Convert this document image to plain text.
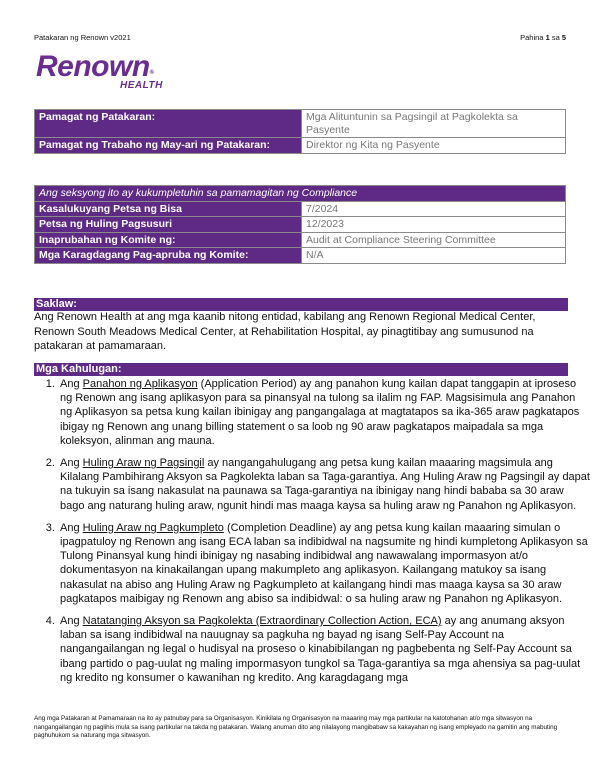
Patakaran ng Renown v2021	Pahina 1 sa 5
Renown®
HEALTH
Pamagat ng Patakaran:	Mga Alituntunin sa Pagsingil at Pagkolekta sa Pasyente
Pamagat ng Trabaho ng May-ari ng Patakaran:	Direktor ng Kita ng Pasyente
Ang seksyong ito ay kukumpletuhin sa pamamagitan ng Compliance	
Kasalukuyang Petsa ng Bisa	7/2024
Petsa ng Huling Pagsusuri	12/2023
Inaprubahan ng Komite ng:	Audit at Compliance Steering Committee
Mga Karagdagang Pag-apruba ng Komite:	N/A
Saklaw:
Ang Renown Health at ang mga kaanib nitong entidad, kabilang ang Renown Regional Medical Center, Renown South Meadows Medical Center, at Rehabilitation Hospital, ay pinagtitibay ang sumusunod na patakaran at pamamaraan.
Mga Kahulugan:
1. Ang Panahon ng Aplikasyon (Application Period) ay ang panahon kung kailan dapat tanggapin at iproseso ng Renown ang isang aplikasyon para sa pinansyal na tulong sa ilalim ng FAP. Magsisimula ang Panahon ng Aplikasyon sa petsa kung kailan ibinigay ang pangangalaga at magtatapos sa ika-365 araw pagkatapos ibigay ng Renown ang unang billing statement o sa loob ng 90 araw pagkatapos maipadala sa mga koleksyon, alinman ang mauna.
2. Ang Huling Araw ng Pagsingil ay nangangahulugang ang petsa kung kailan maaaring magsimula ang Kilalang Pambihirang Aksyon sa Pagkolekta laban sa Taga-garantiya. Ang Huling Araw ng Pagsingil ay dapat na tukuyin sa isang nakasulat na paunawa sa Taga-garantiya na ibinigay nang hindi bababa sa 30 araw bago ang naturang huling araw, ngunit hindi mas maaga kaysa sa huling araw ng Panahon ng Aplikasyon.
3. Ang Huling Araw ng Pagkumpleto (Completion Deadline) ay ang petsa kung kailan maaaring simulan o ipagpatuloy ng Renown ang isang ECA laban sa indibidwal na nagsumite ng hindi kumpletong Aplikasyon sa Tulong Pinansyal kung hindi ibinigay ng nasabing indibidwal ang nawawalang impormasyon at/o dokumentasyon na kinakailangan upang makumpleto ang aplikasyon. Kailangang matukoy sa isang nakasulat na abiso ang Huling Araw ng Pagkumpleto at kailangang hindi mas maaga kaysa sa 30 araw pagkatapos maibigay ng Renown ang abiso sa indibidwal: o sa huling araw ng Panahon ng Aplikasyon.
4. Ang Natatanging Aksyon sa Pagkolekta (Extraordinary Collection Action, ECA) ay ang anumang aksyon laban sa isang indibidwal na nauugnay sa pagkuha ng bayad ng isang Self-Pay Account na nangangailangan ng legal o hudisyal na proseso o kinabibilangan ng pagbebenta ng Self-Pay Account sa ibang partido o pag-uulat ng maling impormasyon tungkol sa Taga-garantiya sa mga ahensiya sa pag-uulat ng kredito ng konsumer o kawanihan ng kredito. Ang karagdagang mga
Ang mga Patakaran at Pamamaraan na ito ay patnubay para sa Organisasyon. Kinikilala ng Organisasyon na maaaring may mga partikular na katotohanan at/o mga sitwasyon na nangangailangan ng paglihis mula sa isang partikular na takda ng patakaran. Walang anuman dito ang nilalayong mangibabaw sa kakayahan ng isang empleyado na gamitin ang mabuting paghuhukom sa naturang mga sitwasyon.
